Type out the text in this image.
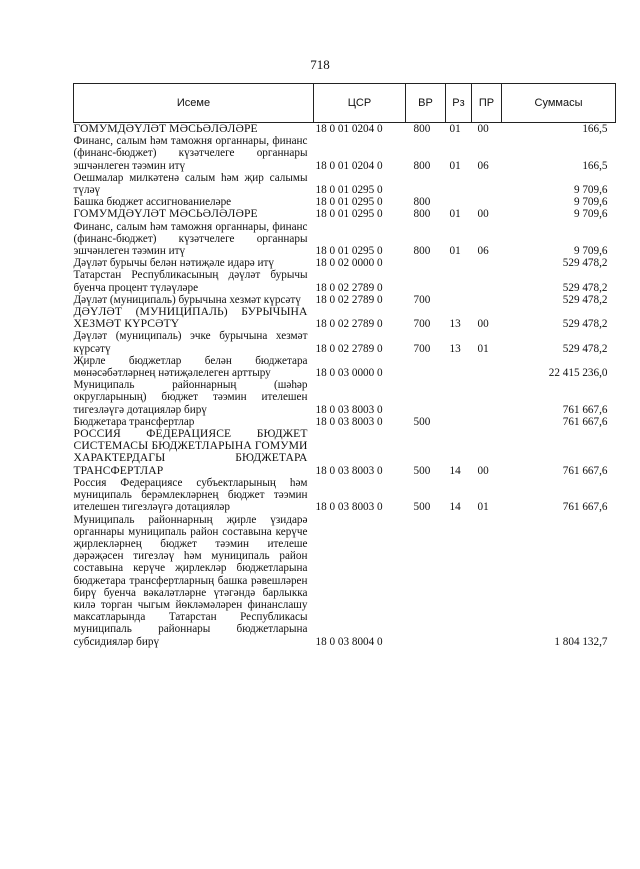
718
Исеме	ЦСР	ВР	Рз	ПР	Суммасы
ГОМУМДӘҮЛӘТ МӘСЬӘЛӘЛӘРЕ	18 0 01 0204 0	800	01	00	166,5
Финанс, салым һәм таможня органнары, финанс (финанс-бюджет) күзәтчелеге органнары эшчәнлеген тәэмин итү	18 0 01 0204 0	800	01	06	166,5
Оешмалар милкәтенә салым һәм җир салымы түләү	18 0 01 0295 0				9 709,6
Башка бюджет ассигнованиеләре	18 0 01 0295 0	800			9 709,6
ГОМУМДӘҮЛӘТ МӘСЬӘЛӘЛӘРЕ	18 0 01 0295 0	800	01	00	9 709,6
Финанс, салым һәм таможня органнары, финанс (финанс-бюджет) күзәтчелеге органнары эшчәнлеген тәэмин итү	18 0 01 0295 0	800	01	06	9 709,6
Дәүләт бурычы белән нәтиҗәле идарә итү	18 0 02 0000 0				529 478,2
Татарстан Республикасының дәүләт бурычы буенча процент түләүләре	18 0 02 2789 0				529 478,2
Дәүләт (муниципаль) бурычына хезмәт күрсәтү	18 0 02 2789 0	700			529 478,2
ДӘҮЛӘТ (МУНИЦИПАЛЬ) БУРЫЧЫНА ХЕЗМӘТ КҮРСӘТҮ	18 0 02 2789 0	700	13	00	529 478,2
Дәүләт (муниципаль) эчке бурычына хезмәт күрсәтү	18 0 02 2789 0	700	13	01	529 478,2
Җирле бюджетлар белән бюджетара мөнәсәбәтләрнең нәтиҗәлелеген арттыру	18 0 03 0000 0				22 415 236,0
Муниципаль районнарның (шәһәр округларының) бюджет тәэмин ителешен тигезләүгә дотацияләр бирү	18 0 03 8003 0				761 667,6
Бюджетара трансфертлар	18 0 03 8003 0	500			761 667,6
РОССИЯ ФЕДЕРАЦИЯСЕ БЮДЖЕТ СИСТЕМАСЫ БЮДЖЕТЛАРЫНА ГОМУМИ ХАРАКТЕРДАГЫ БЮДЖЕТАРА ТРАНСФЕРТЛАР	18 0 03 8003 0	500	14	00	761 667,6
Россия Федерациясе субъектларының һәм муниципаль берәмлекләрнең бюджет тәэмин ителешен тигезләүгә дотацияләр	18 0 03 8003 0	500	14	01	761 667,6
Муниципаль районнарның җирле үзидарә органнары муниципаль район составына керүче җирлекләрнең бюджет тәэмин ителеше дәрәҗәсен тигезләү һәм муниципаль район составына керүче җирлекләр бюджетларына бюджетара трансфертларның башка рәвешләрен бирү буенча вәкаләтләрне үтәгәндә барлыкка килә торган чыгым йөкләмәләрен финанслашу максатларында Татарстан Республикасы муниципаль районнары бюджетларына субсидияләр бирү	18 0 03 8004 0				1 804 132,7
